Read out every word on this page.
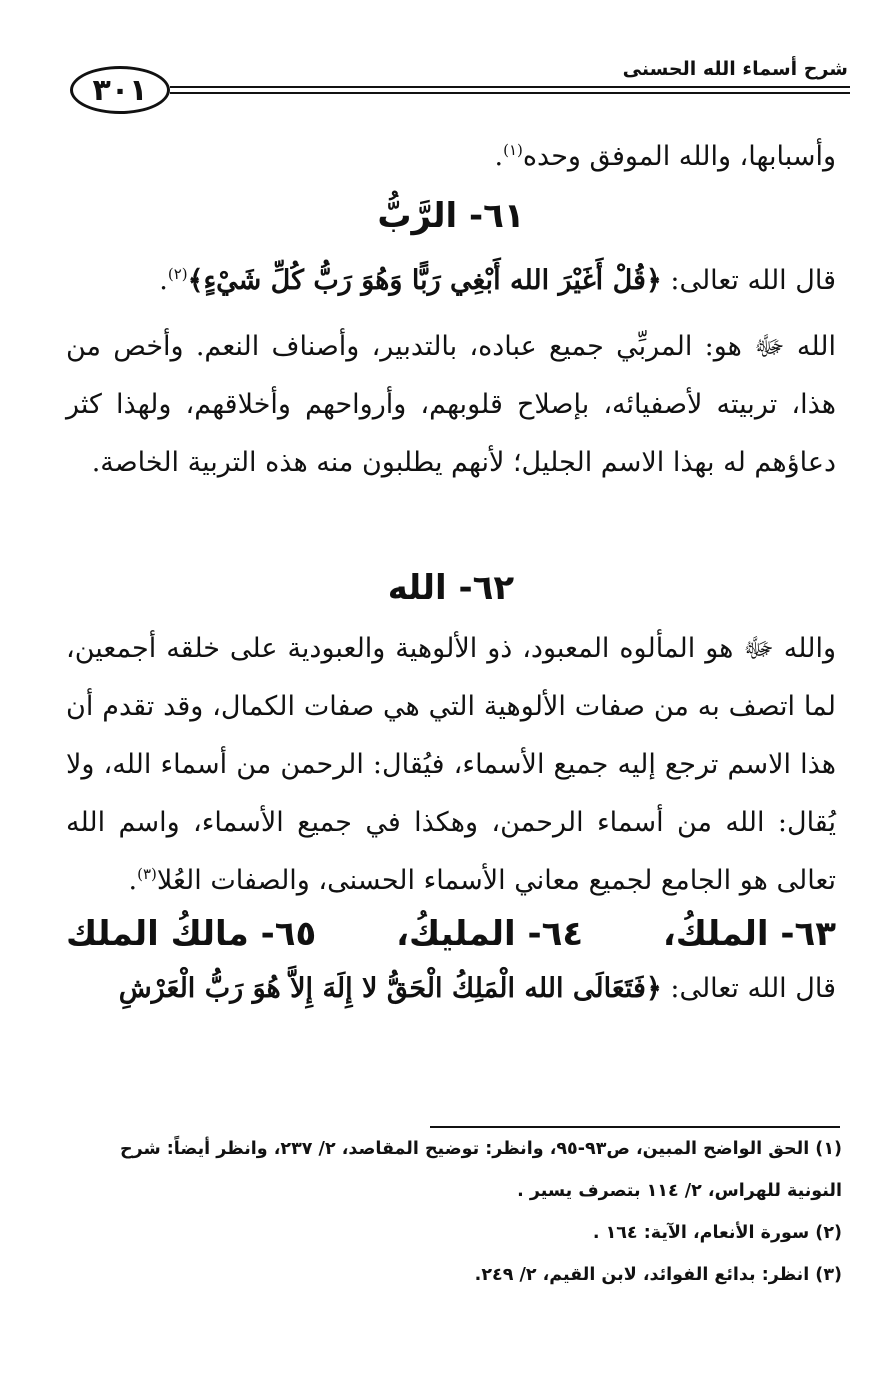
٣٠١
شرح أسماء الله الحسنى
وأسبابها، والله الموفق وحده$^{(١)}$.
٦١- الرَّبُّ
قال الله تعالى: ﴿قُلْ أَغَيْرَ الله أَبْغِي رَبًّا وَهُوَ رَبُّ كُلِّ شَيْءٍ﴾$^{(٢)}$.
الله ﷻ هو: المربِّي جميع عباده، بالتدبير، وأصناف النعم. وأخص من هذا، تربيته لأصفيائه، بإصلاح قلوبهم، وأرواحهم وأخلاقهم، ولهذا كثر دعاؤهم له بهذا الاسم الجليل؛ لأنهم يطلبون منه هذه التربية الخاصة.
٦٢- الله
والله ﷻ هو المألوه المعبود، ذو الألوهية والعبودية على خلقه أجمعين، لما اتصف به من صفات الألوهية التي هي صفات الكمال، وقد تقدم أن هذا الاسم ترجع إليه جميع الأسماء، فيُقال: الرحمن من أسماء الله، ولا يُقال: الله من أسماء الرحمن، وهكذا في جميع الأسماء، واسم الله تعالى هو الجامع لجميع معاني الأسماء الحسنى، والصفات العُلا$^{(٣)}$.
٦٣- الملكُ،
٦٤- المليكُ،
٦٥- مالكُ الملك
قال الله تعالى: ﴿فَتَعَالَى الله الْمَلِكُ الْحَقُّ لا إِلَهَ إِلاَّ هُوَ رَبُّ الْعَرْشِ
(١) الحق الواضح المبين، ص٩٣-٩٥، وانظر: توضيح المقاصد، ٢/ ٢٣٧، وانظر أيضاً: شرح
النونية للهراس، ٢/ ١١٤ بتصرف يسير .
(٢) سورة الأنعام، الآية: ١٦٤ .
(٣) انظر: بدائع الفوائد، لابن القيم، ٢/ ٢٤٩.
